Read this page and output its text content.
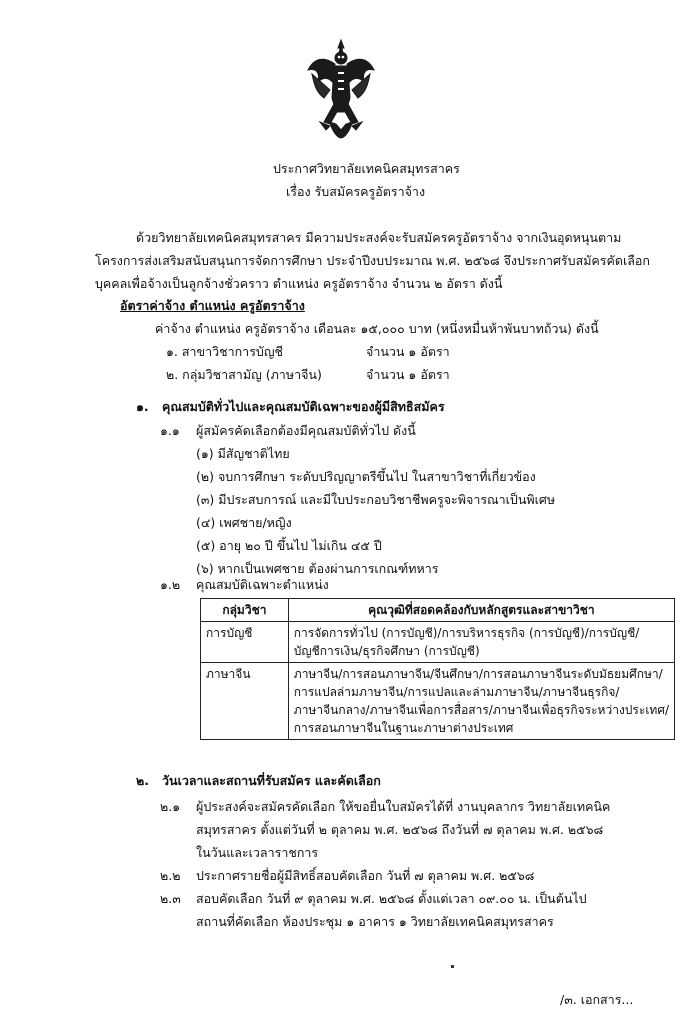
ประกาศวิทยาลัยเทคนิคสมุทรสาคร
เรื่อง รับสมัครครูอัตราจ้าง
ด้วยวิทยาลัยเทคนิคสมุทรสาคร มีความประสงค์จะรับสมัครครูอัตราจ้าง จากเงินอุดหนุนตาม
โครงการส่งเสริมสนับสนุนการจัดการศึกษา ประจำปีงบประมาณ พ.ศ. ๒๕๖๘ จึงประกาศรับสมัครคัดเลือก
บุคคลเพื่อจ้างเป็นลูกจ้างชั่วคราว ตำแหน่ง ครูอัตราจ้าง จำนวน ๒ อัตรา ดังนี้
อัตราค่าจ้าง ตำแหน่ง ครูอัตราจ้าง
ค่าจ้าง ตำแหน่ง ครูอัตราจ้าง เดือนละ ๑๕,๐๐๐ บาท (หนึ่งหมื่นห้าพันบาทถ้วน) ดังนี้
๑. สาขาวิชาการบัญชี	จำนวน ๑ อัตรา
๒. กลุ่มวิชาสามัญ (ภาษาจีน)	จำนวน ๑ อัตรา
๑. คุณสมบัติทั่วไปและคุณสมบัติเฉพาะของผู้มีสิทธิสมัคร
๑.๑ ผู้สมัครคัดเลือกต้องมีคุณสมบัติทั่วไป ดังนี้
(๑) มีสัญชาติไทย
(๒) จบการศึกษา ระดับปริญญาตรีขึ้นไป ในสาขาวิชาที่เกี่ยวข้อง
(๓) มีประสบการณ์ และมีใบประกอบวิชาชีพครูจะพิจารณาเป็นพิเศษ
(๔) เพศชาย/หญิง
(๕) อายุ ๒๐ ปี ขึ้นไป ไม่เกิน ๔๕ ปี
(๖) หากเป็นเพศชาย ต้องผ่านการเกณฑ์ทหาร
๑.๒ คุณสมบัติเฉพาะตำแหน่ง
กลุ่มวิชา	คุณวุฒิที่สอดคล้องกับหลักสูตรและสาขาวิชา
การบัญชี	การจัดการทั่วไป (การบัญชี)/การบริหารธุรกิจ (การบัญชี)/การบัญชี/
บัญชีการเงิน/ธุรกิจศึกษา (การบัญชี)

ภาษาจีน	ภาษาจีน/การสอนภาษาจีน/จีนศึกษา/การสอนภาษาจีนระดับมัธยมศึกษา/
การแปลล่ามภาษาจีน/การแปลและล่ามภาษาจีน/ภาษาจีนธุรกิจ/
ภาษาจีนกลาง/ภาษาจีนเพื่อการสื่อสาร/ภาษาจีนเพื่อธุรกิจระหว่างประเทศ/
การสอนภาษาจีนในฐานะภาษาต่างประเทศ
๒. วันเวลาและสถานที่รับสมัคร และคัดเลือก
๒.๑ ผู้ประสงค์จะสมัครคัดเลือก ให้ขอยื่นใบสมัครได้ที่ งานบุคลากร วิทยาลัยเทคนิค
สมุทรสาคร ตั้งแต่วันที่ ๒ ตุลาคม พ.ศ. ๒๕๖๘ ถึงวันที่ ๗ ตุลาคม พ.ศ. ๒๕๖๘
ในวันและเวลาราชการ
๒.๒ ประกาศรายชื่อผู้มีสิทธิ์สอบคัดเลือก วันที่ ๗ ตุลาคม พ.ศ. ๒๕๖๘
๒.๓ สอบคัดเลือก วันที่ ๙ ตุลาคม พ.ศ. ๒๕๖๘ ตั้งแต่เวลา ๐๙.๐๐ น. เป็นต้นไป
สถานที่คัดเลือก ห้องประชุม ๑ อาคาร ๑ วิทยาลัยเทคนิคสมุทรสาคร
/๓. เอกสาร...
